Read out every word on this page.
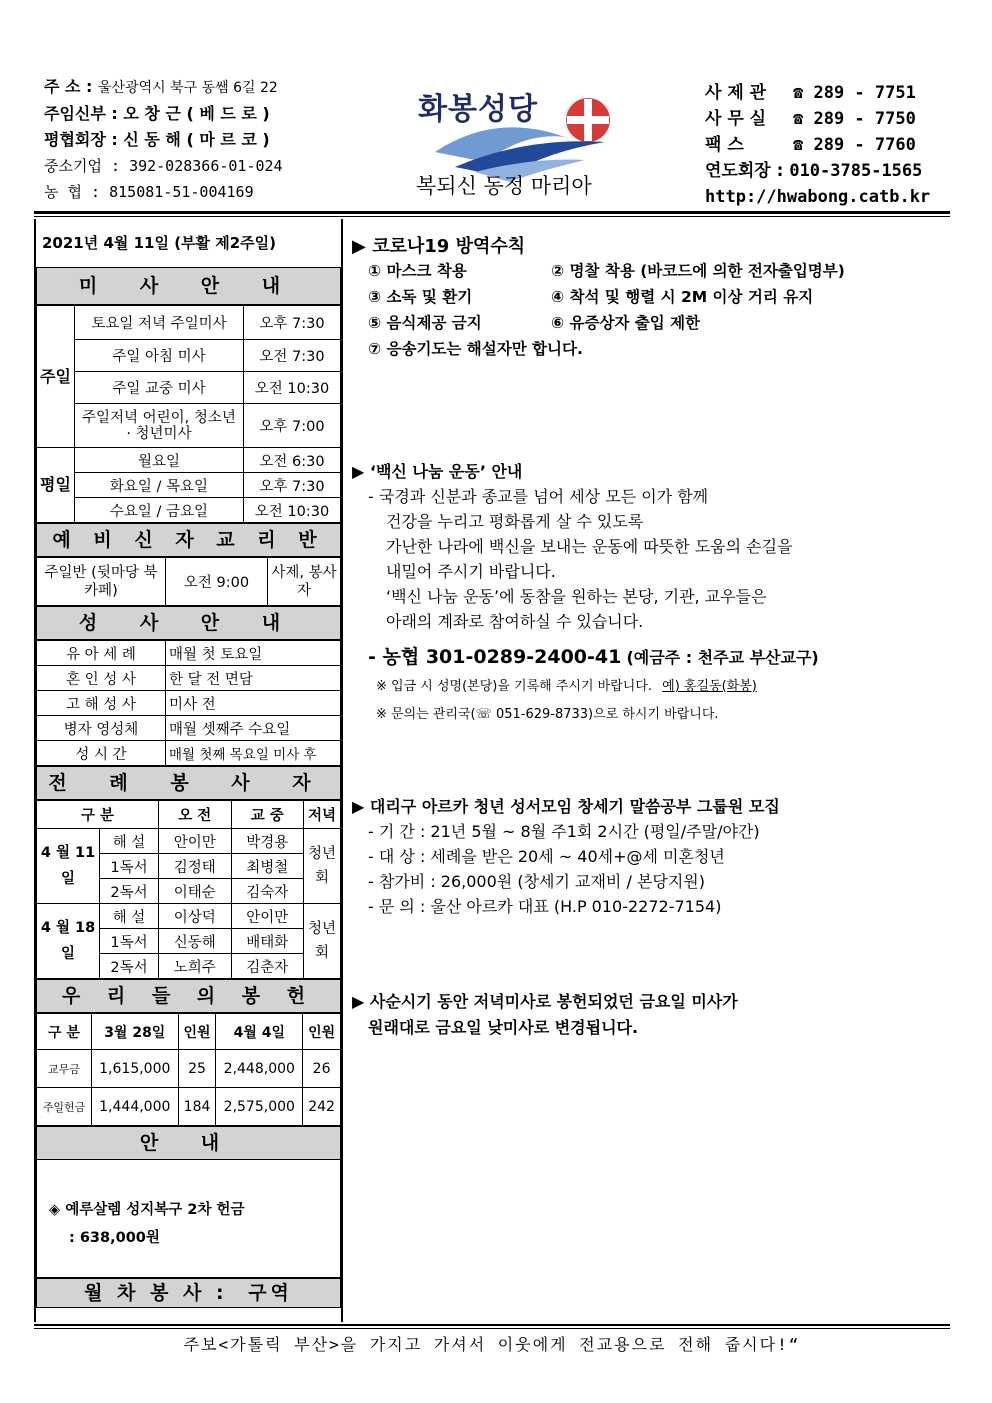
주 소 : 울산광역시 북구 동쌤 6길 22
주임신부 : 오 창 근 ( 베 드 로 )
평협회장 : 신 동 해 ( 마 르 코 )
중소기업 : 392-028366-01-024
농 협 : 815081-51-004169
화봉성당
복되신 동정 마리아
사 제 관 ☎ 289 - 7751
사 무 실 ☎ 289 - 7750
팩 스	☎ 289 - 7760
연도회장 : 010-3785-1565
http://hwabong.catb.kr
2021년 4월 11일 (부활 제2주일)
미 사 안 내
주일	토요일 저녁 주일미사	오후 7:30
	주일 아침 미사	오전 7:30
	주일 교중 미사	오전 10:30
	주일저녁 어린이, 청소년 · 청년미사	오후 7:00
평일	월요일	오전 6:30
	화요일 / 목요일	오후 7:30
	수요일 / 금요일	오전 10:30
예 비 신 자 교 리 반
주일반 (뒷마당 북카페)	오전 9:00	사제, 봉사자
성 사 안 내
유 아 세 례	매월 첫 토요일
혼 인 성 사	한 달 전 면담
고 해 성 사	미사 전
병자 영성체	매월 셋째주 수요일
성 시 간	매월 첫째 목요일 미사 후
전 례 봉 사 자
구 분		오 전	교 중	저녁
4 월 11 일	해 설	안이만	박경용	청년회
	1독서	김정태	최병철	
	2독서	이태순	김숙자	
4 월 18 일	해 설	이상덕	안이만	청년회
	1독서	신동해	배태화	
	2독서	노희주	김춘자	
우 리 들 의 봉 헌
구 분	3월 28일	인원	4월 4일	인원
교무금	1,615,000	25	2,448,000	26
주일헌금	1,444,000	184	2,575,000	242
안 내
◈ 예루살렘 성지복구 2차 헌금
: 638,000원
월 차 봉 사 : 구역
▶ 코로나19 방역수칙
① 마스크 착용	② 명찰 착용 (바코드에 의한 전자출입명부)
③ 소독 및 환기	④ 착석 및 행렬 시 2M 이상 거리 유지
⑤ 음식제공 금지	⑥ 유증상자 출입 제한
⑦ 응송기도는 해설자만 합니다.
▶ ‘백신 나눔 운동’ 안내
- 국경과 신분과 종교를 넘어 세상 모든 이가 함께
건강을 누리고 평화롭게 살 수 있도록
가난한 나라에 백신을 보내는 운동에 따뜻한 도움의 손길을
내밀어 주시기 바랍니다.
‘백신 나눔 운동’에 동참을 원하는 본당, 기관, 교우들은
아래의 계좌로 참여하실 수 있습니다.
- 농협 301-0289-2400-41 (예금주 : 천주교 부산교구)
※ 입금 시 성명(본당)을 기록해 주시기 바랍니다. 예) 홍길동(화봉)
※ 문의는 관리국(☏ 051-629-8733)으로 하시기 바랍니다.
▶ 대리구 아르카 청년 성서모임 창세기 말씀공부 그룹원 모집
- 기 간 : 21년 5월 ~ 8월 주1회 2시간 (평일/주말/야간)
- 대 상 : 세례을 받은 20세 ~ 40세+@세 미혼청년
- 참가비 : 26,000원 (창세기 교재비 / 본당지원)
- 문 의 : 울산 아르카 대표 (H.P 010-2272-7154)
▶ 사순시기 동안 저녁미사로 봉헌되었던 금요일 미사가
원래대로 금요일 낮미사로 변경됩니다.
주보<가톨릭 부산>을 가지고 가셔서 이웃에게 전교용으로 전해 줍시다!“
